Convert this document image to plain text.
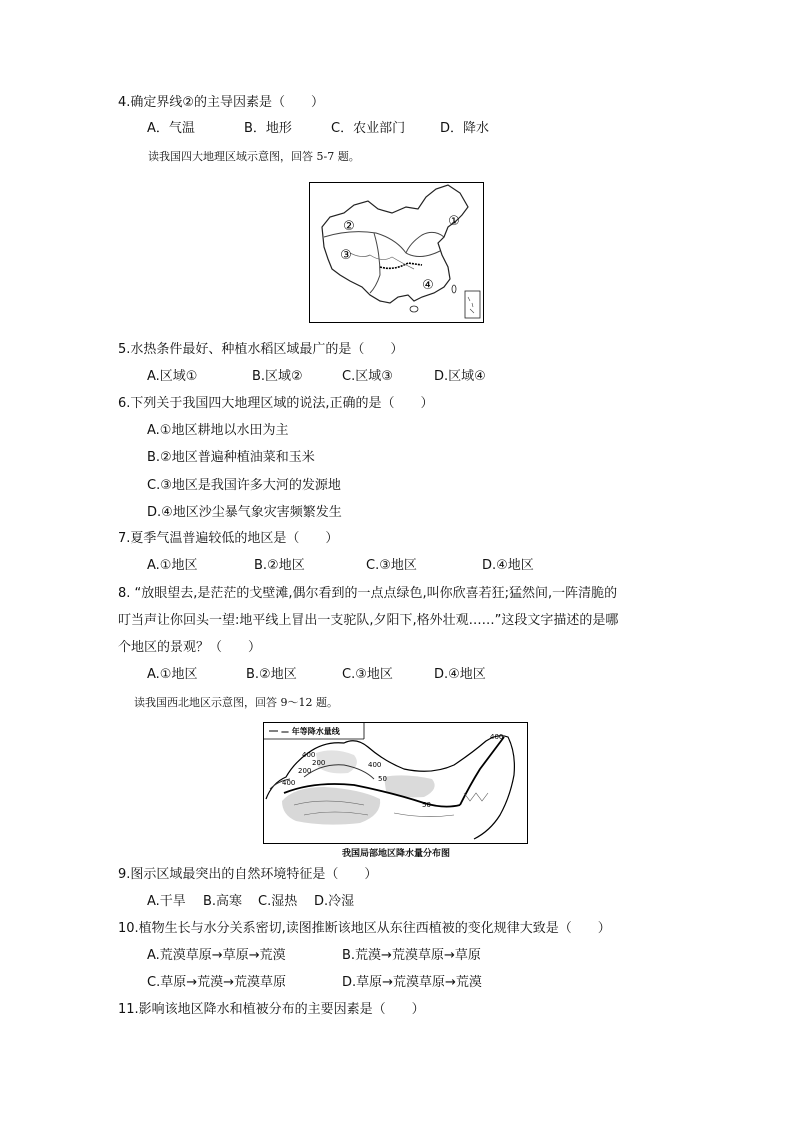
4.确定界线②的主导因素是（　　）
A．气温	B．地形	C．农业部门	D．降水
读我国四大地理区域示意图，回答 5-7 题。
①
②
③
④
5.水热条件最好、种植水稻区域最广的是（　　）
A.区域①	B.区域②	C.区域③	D.区域④
6.下列关于我国四大地理区域的说法,正确的是（　　）
A.①地区耕地以水田为主
B.②地区普遍种植油菜和玉米
C.③地区是我国许多大河的发源地
D.④地区沙尘暴气象灾害频繁发生
7.夏季气温普遍较低的地区是（　　）
A.①地区	B.②地区	C.③地区	D.④地区
8. “放眼望去,是茫茫的戈壁滩,偶尔看到的一点点绿色,叫你欣喜若狂;猛然间,一阵清脆的
叮当声让你回头一望:地平线上冒出一支驼队,夕阳下,格外壮观……”这段文字描述的是哪
个地区的景观？（　　）
A.①地区	B.②地区	C.③地区	D.④地区
读我国西北地区示意图，回答 9～12 题。
— 年等降水量线
400
200
200
400
400
50
50
400
我国局部地区降水量分布图
9.图示区域最突出的自然环境特征是（　　）
A.干旱 B.高寒 C.湿热 D.冷湿
10.植物生长与水分关系密切,读图推断该地区从东往西植被的变化规律大致是（　　）
A.荒漠草原→草原→荒漠	B.荒漠→荒漠草原→草原
C.草原→荒漠→荒漠草原	D.草原→荒漠草原→荒漠
11.影响该地区降水和植被分布的主要因素是（　　）
